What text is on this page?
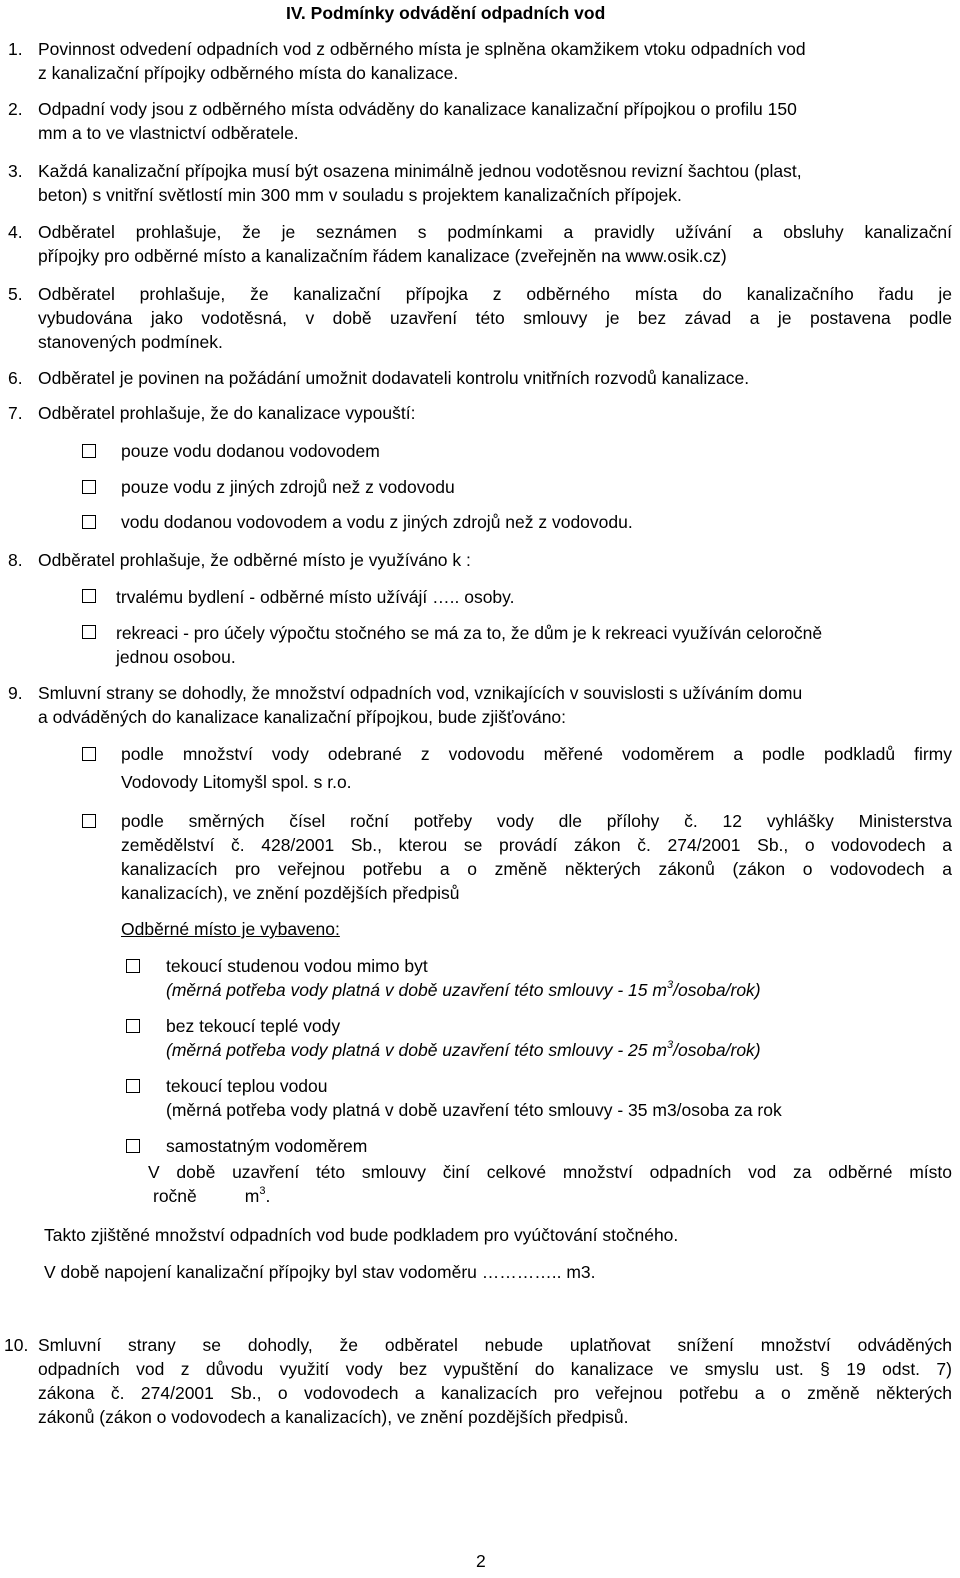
IV. Podmínky odvádění odpadních vod
1. Povinnost odvedení odpadních vod z odběrného místa je splněna okamžikem vtoku odpadních vod
z kanalizační přípojky odběrného místa do kanalizace.
2. Odpadní vody jsou z odběrného místa odváděny do kanalizace kanalizační přípojkou o profilu 150
mm a to ve vlastnictví odběratele.
3. Každá kanalizační přípojka musí být osazena minimálně jednou vodotěsnou revizní šachtou (plast,
beton) s vnitřní světlostí min 300 mm v souladu s projektem kanalizačních přípojek.
4. Odběratel prohlašuje, že je seznámen s podmínkami a pravidly užívání a obsluhy kanalizační
přípojky pro odběrné místo a kanalizačním řádem kanalizace (zveřejněn na www.osik.cz)
5. Odběratel prohlašuje, že kanalizační přípojka z odběrného místa do kanalizačního řadu je
vybudována jako vodotěsná, v době uzavření této smlouvy je bez závad a je postavena podle
stanovených podmínek.
6. Odběratel je povinen na požádání umožnit dodavateli kontrolu vnitřních rozvodů kanalizace.
7. Odběratel prohlašuje, že do kanalizace vypouští:
pouze vodu dodanou vodovodem
pouze vodu z jiných zdrojů než z vodovodu
vodu dodanou vodovodem a vodu z jiných zdrojů než z vodovodu.
8. Odběratel prohlašuje, že odběrné místo je využíváno k :
trvalému bydlení - odběrné místo užívájí ….. osoby.
rekreaci - pro účely výpočtu stočného se má za to, že dům je k rekreaci využíván celoročně
jednou osobou.
9. Smluvní strany se dohodly, že množství odpadních vod, vznikajících v souvislosti s užíváním domu
a odváděných do kanalizace kanalizační přípojkou, bude zjišťováno:
podle množství vody odebrané z vodovodu měřené vodoměrem a podle podkladů firmy
Vodovody Litomyšl spol. s r.o.
podle směrných čísel roční potřeby vody dle přílohy č. 12 vyhlášky Ministerstva
zemědělství č. 428/2001 Sb., kterou se provádí zákon č. 274/2001 Sb., o vodovodech a
kanalizacích pro veřejnou potřebu a o změně některých zákonů (zákon o vodovodech a
kanalizacích), ve znění pozdějších předpisů
Odběrné místo je vybaveno:
tekoucí studenou vodou mimo byt
(měrná potřeba vody platná v době uzavření této smlouvy - 15 $m^3/osoba/rok$)
bez tekoucí teplé vody
(měrná potřeba vody platná v době uzavření této smlouvy - 25 $m^3/osoba/rok$)
tekoucí teplou vodou
(měrná potřeba vody platná v době uzavření této smlouvy - 35 m3/osoba za rok
samostatným vodoměrem
V době uzavření této smlouvy činí celkové množství odpadních vod za odběrné místo
ročně	$m^3$.
Takto zjištěné množství odpadních vod bude podkladem pro vyúčtování stočného.
V době napojení kanalizační přípojky byl stav vodoměru ………….. m3.
10. Smluvní strany se dohodly, že odběratel nebude uplatňovat snížení množství odváděných
odpadních vod z důvodu využití vody bez vypuštění do kanalizace ve smyslu ust. § 19 odst. 7)
zákona č. 274/2001 Sb., o vodovodech a kanalizacích pro veřejnou potřebu a o změně některých
zákonů (zákon o vodovodech a kanalizacích), ve znění pozdějších předpisů.
2
